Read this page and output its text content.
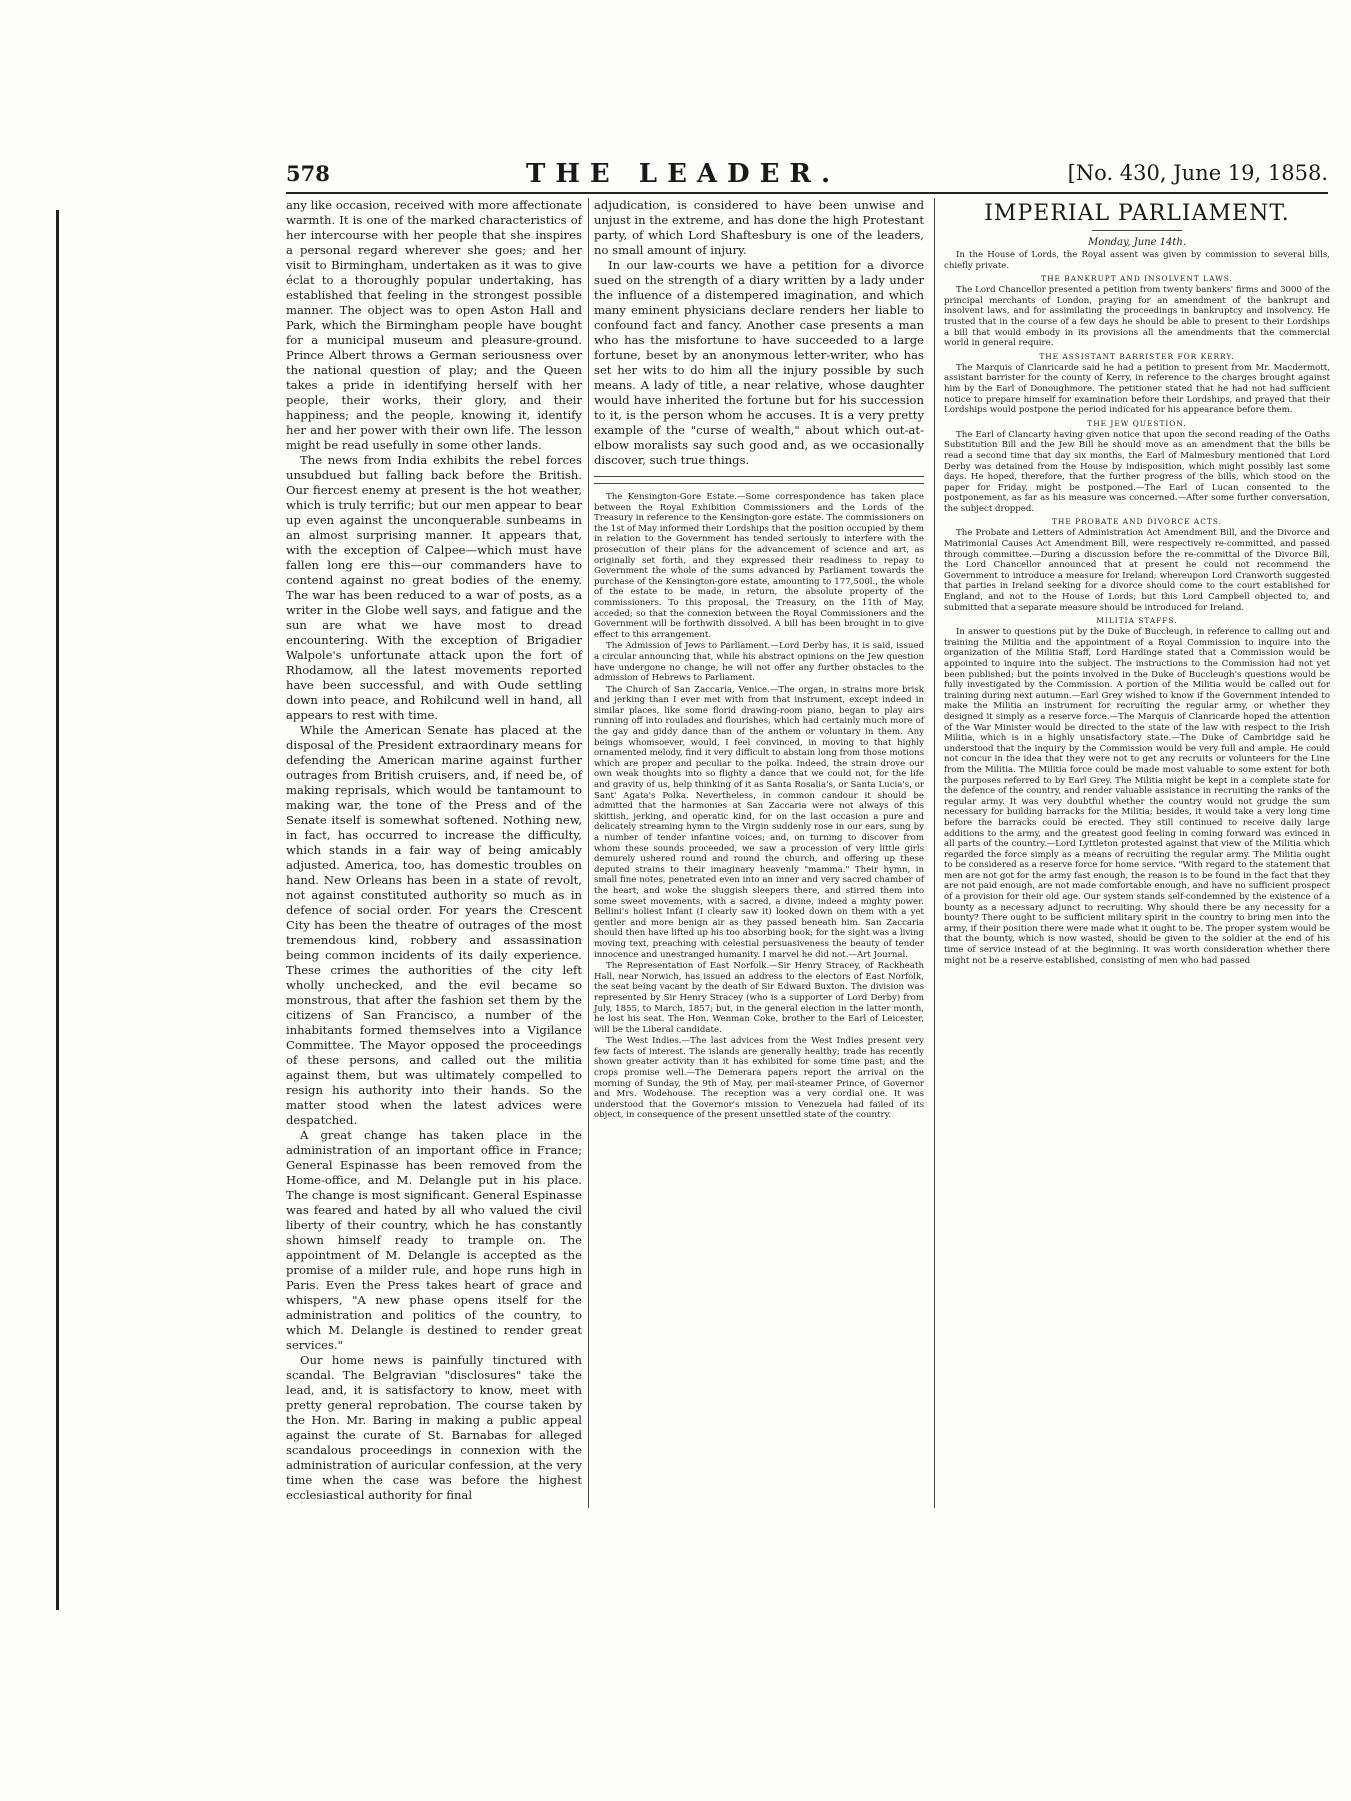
578	THE LEADER.	[No. 430, June 19, 1858.

any like occasion, received with more affectionate warmth. It is one of the marked characteristics of her intercourse with her people that she inspires a personal regard wherever she goes; and her visit to Birmingham, undertaken as it was to give éclat to a thoroughly popular undertaking, has established that feeling in the strongest possible manner. The object was to open Aston Hall and Park, which the Birmingham people have bought for a municipal museum and pleasure-ground. Prince Albert throws a German seriousness over the national question of play; and the Queen takes a pride in identifying herself with her people, their works, their glory, and their happiness; and the people, knowing it, identify her and her power with their own life. The lesson might be read usefully in some other lands.

The news from India exhibits the rebel forces unsubdued but falling back before the British. Our fiercest enemy at present is the hot weather, which is truly terrific; but our men appear to bear up even against the unconquerable sunbeams in an almost surprising manner. It appears that, with the exception of Calpee—which must have fallen long ere this—our commanders have to contend against no great bodies of the enemy. The war has been reduced to a war of posts, as a writer in the Globe well says, and fatigue and the sun are what we have most to dread encountering. With the exception of Brigadier Walpole's unfortunate attack upon the fort of Rhodamow, all the latest movements reported have been successful, and with Oude settling down into peace, and Rohilcund well in hand, all appears to rest with time.

While the American Senate has placed at the disposal of the President extraordinary means for defending the American marine against further outrages from British cruisers, and, if need be, of making reprisals, which would be tantamount to making war, the tone of the Press and of the Senate itself is somewhat softened. Nothing new, in fact, has occurred to increase the difficulty, which stands in a fair way of being amicably adjusted. America, too, has domestic troubles on hand. New Orleans has been in a state of revolt, not against constituted authority so much as in defence of social order. For years the Crescent City has been the theatre of outrages of the most tremendous kind, robbery and assassination being common incidents of its daily experience. These crimes the authorities of the city left wholly unchecked, and the evil became so monstrous, that after the fashion set them by the citizens of San Francisco, a number of the inhabitants formed themselves into a Vigilance Committee. The Mayor opposed the proceedings of these persons, and called out the militia against them, but was ultimately compelled to resign his authority into their hands. So the matter stood when the latest advices were despatched.

A great change has taken place in the administration of an important office in France; General Espinasse has been removed from the Home-office, and M. Delangle put in his place. The change is most significant. General Espinasse was feared and hated by all who valued the civil liberty of their country, which he has constantly shown himself ready to trample on. The appointment of M. Delangle is accepted as the promise of a milder rule, and hope runs high in Paris. Even the Press takes heart of grace and whispers, "A new phase opens itself for the administration and politics of the country, to which M. Delangle is destined to render great services."

Our home news is painfully tinctured with scandal. The Belgravian "disclosures" take the lead, and, it is satisfactory to know, meet with pretty general reprobation. The course taken by the Hon. Mr. Baring in making a public appeal against the curate of St. Barnabas for alleged scandalous proceedings in connexion with the administration of auricular confession, at the very time when the case was before the highest ecclesiastical authority for final

adjudication, is considered to have been unwise and unjust in the extreme, and has done the high Protestant party, of which Lord Shaftesbury is one of the leaders, no small amount of injury.

In our law-courts we have a petition for a divorce sued on the strength of a diary written by a lady under the influence of a distempered imagination, and which many eminent physicians declare renders her liable to confound fact and fancy. Another case presents a man who has the misfortune to have succeeded to a large fortune, beset by an anonymous letter-writer, who has set her wits to do him all the injury possible by such means. A lady of title, a near relative, whose daughter would have inherited the fortune but for his succession to it, is the person whom he accuses. It is a very pretty example of the "curse of wealth," about which out-at-elbow moralists say such good and, as we occasionally discover, such true things.

The Kensington-Gore Estate.—Some correspondence has taken place between the Royal Exhibition Commissioners and the Lords of the Treasury in reference to the Kensington-gore estate. The commissioners on the 1st of May informed their Lordships that the position occupied by them in relation to the Government has tended seriously to interfere with the prosecution of their plans for the advancement of science and art, as originally set forth, and they expressed their readiness to repay to Government the whole of the sums advanced by Parliament towards the purchase of the Kensington-gore estate, amounting to 177,500l., the whole of the estate to be made, in return, the absolute property of the commissioners. To this proposal, the Treasury, on the 11th of May, acceded; so that the connexion between the Royal Commissioners and the Government will be forthwith dissolved. A bill has been brought in to give effect to this arrangement.

The Admission of Jews to Parliament.—Lord Derby has, it is said, issued a circular announcing that, while his abstract opinions on the Jew question have undergone no change, he will not offer any further obstacles to the admission of Hebrews to Parliament.

The Church of San Zaccaria, Venice.—The organ, in strains more brisk and jerking than I ever met with from that instrument, except indeed in similar places, like some florid drawing-room piano, began to play airs running off into roulades and flourishes, which had certainly much more of the gay and giddy dance than of the anthem or voluntary in them. Any beings whomsoever, would, I feel convinced, in moving to that highly ornamented melody, find it very difficult to abstain long from those motions which are proper and peculiar to the polka. Indeed, the strain drove our own weak thoughts into so flighty a dance that we could not, for the life and gravity of us, help thinking of it as Santa Rosalia's, or Santa Lucia's, or Sant' Agata's Polka. Nevertheless, in common candour it should be admitted that the harmonies at San Zaccaria were not always of this skittish, jerking, and operatic kind, for on the last occasion a pure and delicately streaming hymn to the Virgin suddenly rose in our ears, sung by a number of tender infantine voices; and, on turning to discover from whom these sounds proceeded, we saw a procession of very little girls demurely ushered round and round the church, and offering up these deputed strains to their imaginary heavenly "mamma." Their hymn, in small fine notes, penetrated even into an inner and very sacred chamber of the heart, and woke the sluggish sleepers there, and stirred them into some sweet movements, with a sacred, a divine, indeed a mighty power. Bellini's holiest Infant (I clearly saw it) looked down on them with a yet gentler and more benign air as they passed beneath him. San Zaccaria should then have lifted up his too absorbing book; for the sight was a living moving text, preaching with celestial persuasiveness the beauty of tender innocence and unestranged humanity. I marvel he did not.—Art Journal.

The Representation of East Norfolk.—Sir Henry Stracey, of Rackheath Hall, near Norwich, has issued an address to the electors of East Norfolk, the seat being vacant by the death of Sir Edward Buxton. The division was represented by Sir Henry Stracey (who is a supporter of Lord Derby) from July, 1855, to March, 1857; but, in the general election in the latter month, he lost his seat. The Hon. Wenman Coke, brother to the Earl of Leicester, will be the Liberal candidate.

The West Indies.—The last advices from the West Indies present very few facts of interest. The islands are generally healthy; trade has recently shown greater activity than it has exhibited for some time past; and the crops promise well.—The Demerara papers report the arrival on the morning of Sunday, the 9th of May, per mail-steamer Prince, of Governor and Mrs. Wodehouse. The reception was a very cordial one. It was understood that the Governor's mission to Venezuela had failed of its object, in consequence of the present unsettled state of the country.

IMPERIAL PARLIAMENT.
Monday, June 14th.

In the House of Lords, the Royal assent was given by commission to several bills, chiefly private.

THE BANKRUPT AND INSOLVENT LAWS.

The Lord Chancellor presented a petition from twenty bankers' firms and 3000 of the principal merchants of London, praying for an amendment of the bankrupt and insolvent laws, and for assimilating the proceedings in bankruptcy and insolvency. He trusted that in the course of a few days he should be able to present to their Lordships a bill that would embody in its provisions all the amendments that the commercial world in general require.

THE ASSISTANT BARRISTER FOR KERRY.

The Marquis of Clanricarde said he had a petition to present from Mr. Macdermott, assistant barrister for the county of Kerry, in reference to the charges brought against him by the Earl of Donoughmore. The petitioner stated that he had not had sufficient notice to prepare himself for examination before their Lordships, and prayed that their Lordships would postpone the period indicated for his appearance before them.

THE JEW QUESTION.

The Earl of Clancarty having given notice that upon the second reading of the Oaths Substitution Bill and the Jew Bill he should move as an amendment that the bills be read a second time that day six months, the Earl of Malmesbury mentioned that Lord Derby was detained from the House by indisposition, which might possibly last some days. He hoped, therefore, that the further progress of the bills, which stood on the paper for Friday, might be postponed.—The Earl of Lucan consented to the postponement, as far as his measure was concerned.—After some further conversation, the subject dropped.

THE PROBATE AND DIVORCE ACTS.

The Probate and Letters of Administration Act Amendment Bill, and the Divorce and Matrimonial Causes Act Amendment Bill, were respectively re-committed, and passed through committee.—During a discussion before the re-committal of the Divorce Bill, the Lord Chancellor announced that at present he could not recommend the Government to introduce a measure for Ireland; whereupon Lord Cranworth suggested that parties in Ireland seeking for a divorce should come to the court established for England, and not to the House of Lords; but this Lord Campbell objected to, and submitted that a separate measure should be introduced for Ireland.

MILITIA STAFFS.

In answer to questions put by the Duke of Buccleugh, in reference to calling out and training the Militia and the appointment of a Royal Commission to inquire into the organization of the Militia Staff, Lord Hardinge stated that a Commission would be appointed to inquire into the subject. The instructions to the Commission had not yet been published; but the points involved in the Duke of Buccleugh's questions would be fully investigated by the Commission. A portion of the Militia would be called out for training during next autumn.—Earl Grey wished to know if the Government intended to make the Militia an instrument for recruiting the regular army, or whether they designed it simply as a reserve force.—The Marquis of Clanricarde hoped the attention of the War Minister would be directed to the state of the law with respect to the Irish Militia, which is in a highly unsatisfactory state.—The Duke of Cambridge said he understood that the inquiry by the Commission would be very full and ample. He could not concur in the idea that they were not to get any recruits or volunteers for the Line from the Militia. The Militia force could be made most valuable to some extent for both the purposes referred to by Earl Grey. The Militia might be kept in a complete state for the defence of the country, and render valuable assistance in recruiting the ranks of the regular army. It was very doubtful whether the country would not grudge the sum necessary for building barracks for the Militia; besides, it would take a very long time before the barracks could be erected. They still continued to receive daily large additions to the army, and the greatest good feeling in coming forward was evinced in all parts of the country.—Lord Lyttleton protested against that view of the Militia which regarded the force simply as a means of recruiting the regular army. The Militia ought to be considered as a reserve force for home service. "With regard to the statement that men are not got for the army fast enough, the reason is to be found in the fact that they are not paid enough, are not made comfortable enough, and have no sufficient prospect of a provision for their old age. Our system stands self-condemned by the existence of a bounty as a necessary adjunct to recruiting. Why should there be any necessity for a bounty? There ought to be sufficient military spirit in the country to bring men into the army, if their position there were made what it ought to be. The proper system would be that the bounty, which is now wasted, should be given to the soldier at the end of his time of service instead of at the beginning. It was worth consideration whether there might not be a reserve established, consisting of men who had passed
